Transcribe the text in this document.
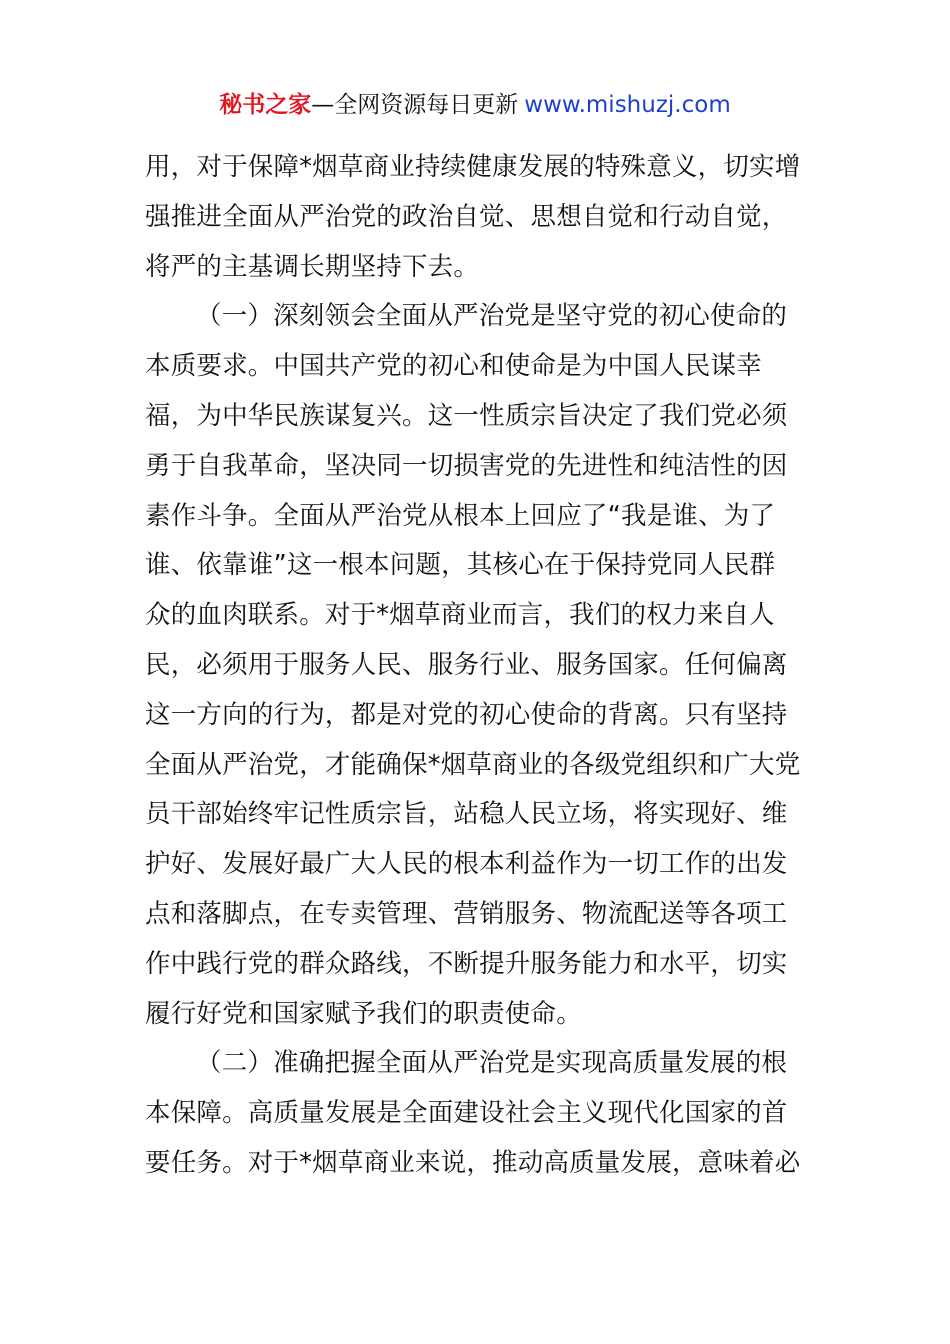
秘书之家—全网资源每日更新 www.mishuzj.com
用，对于保障*烟草商业持续健康发展的特殊意义，切实增
强推进全面从严治党的政治自觉、思想自觉和行动自觉，
将严的主基调长期坚持下去。
（一）深刻领会全面从严治党是坚守党的初心使命的
本质要求。中国共产党的初心和使命是为中国人民谋幸
福，为中华民族谋复兴。这一性质宗旨决定了我们党必须
勇于自我革命，坚决同一切损害党的先进性和纯洁性的因
素作斗争。全面从严治党从根本上回应了“我是谁、为了
谁、依靠谁”这一根本问题，其核心在于保持党同人民群
众的血肉联系。对于*烟草商业而言，我们的权力来自人
民，必须用于服务人民、服务行业、服务国家。任何偏离
这一方向的行为，都是对党的初心使命的背离。只有坚持
全面从严治党，才能确保*烟草商业的各级党组织和广大党
员干部始终牢记性质宗旨，站稳人民立场，将实现好、维
护好、发展好最广大人民的根本利益作为一切工作的出发
点和落脚点，在专卖管理、营销服务、物流配送等各项工
作中践行党的群众路线，不断提升服务能力和水平，切实
履行好党和国家赋予我们的职责使命。
（二）准确把握全面从严治党是实现高质量发展的根
本保障。高质量发展是全面建设社会主义现代化国家的首
要任务。对于*烟草商业来说，推动高质量发展，意味着必
